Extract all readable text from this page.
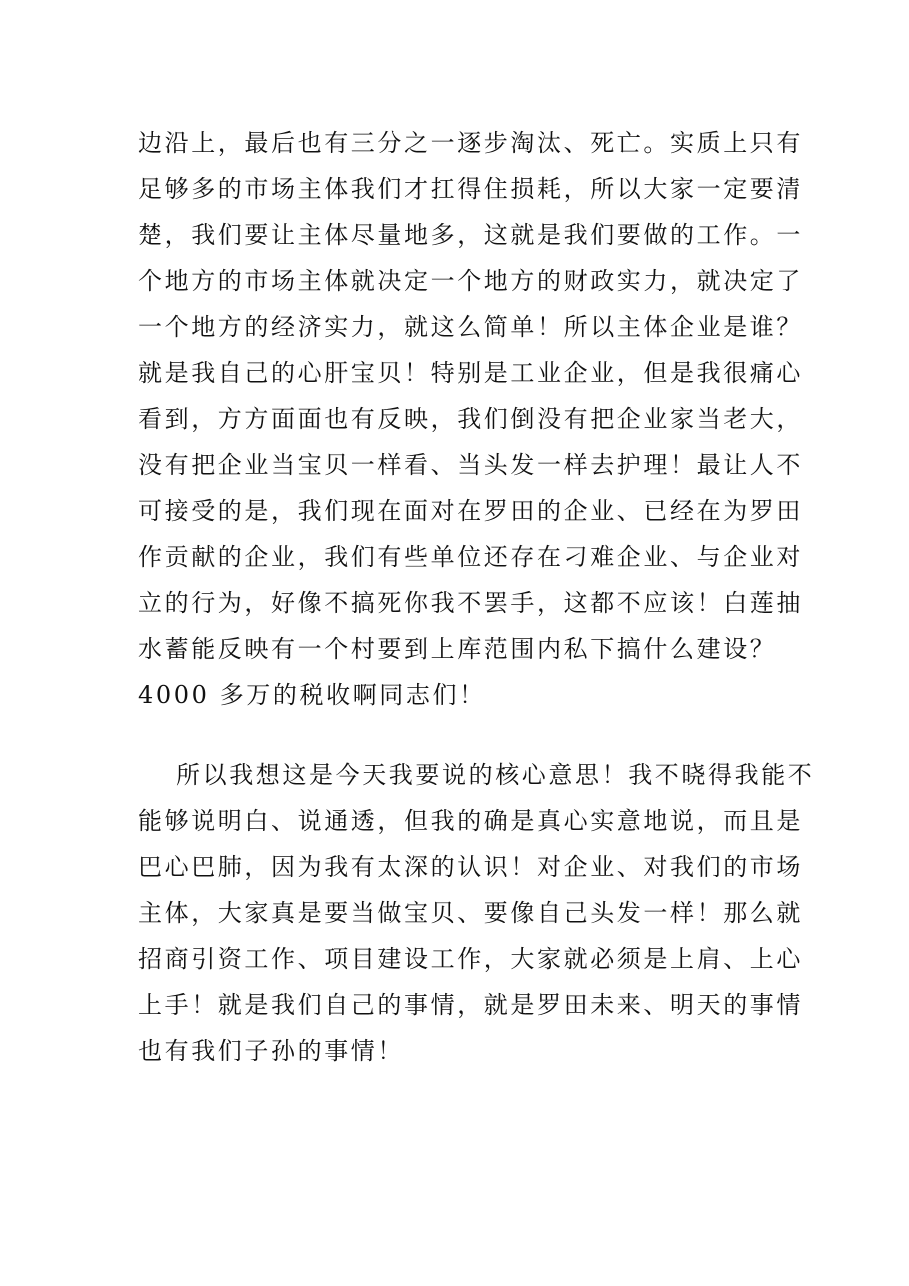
边沿上，最后也有三分之一逐步淘汰、死亡。实质上只有
足够多的市场主体我们才扛得住损耗，所以大家一定要清
楚，我们要让主体尽量地多，这就是我们要做的工作。一
个地方的市场主体就决定一个地方的财政实力，就决定了
一个地方的经济实力，就这么简单！所以主体企业是谁？
就是我自己的心肝宝贝！特别是工业企业，但是我很痛心
看到，方方面面也有反映，我们倒没有把企业家当老大，
没有把企业当宝贝一样看、当头发一样去护理！最让人不
可接受的是，我们现在面对在罗田的企业、已经在为罗田
作贡献的企业，我们有些单位还存在刁难企业、与企业对
立的行为，好像不搞死你我不罢手，这都不应该！白莲抽
水蓄能反映有一个村要到上库范围内私下搞什么建设？
4000 多万的税收啊同志们！
所以我想这是今天我要说的核心意思！我不晓得我能不
能够说明白、说通透，但我的确是真心实意地说，而且是
巴心巴肺，因为我有太深的认识！对企业、对我们的市场
主体，大家真是要当做宝贝、要像自己头发一样！那么就
招商引资工作、项目建设工作，大家就必须是上肩、上心
上手！就是我们自己的事情，就是罗田未来、明天的事情
也有我们子孙的事情！
